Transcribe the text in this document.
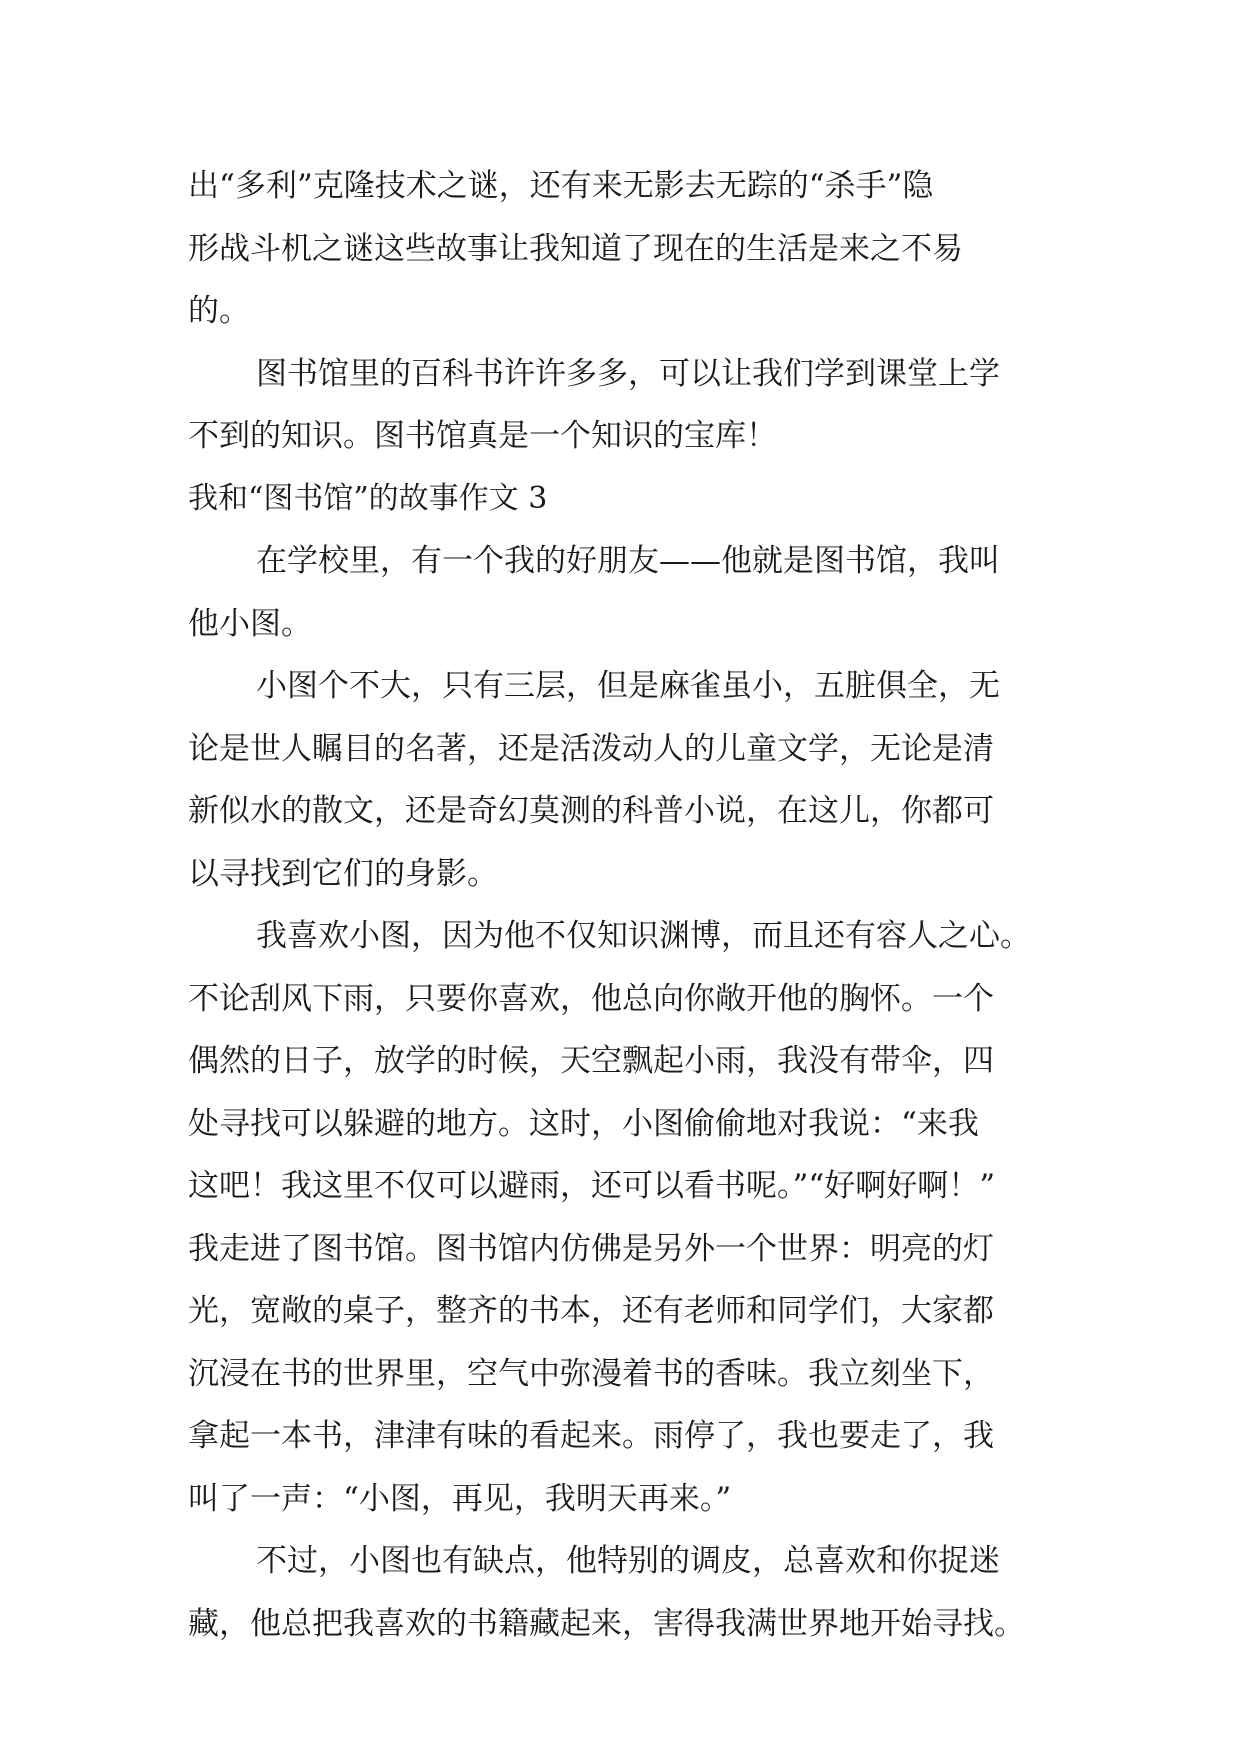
出“多利”克隆技术之谜，还有来无影去无踪的“杀手”隐
形战斗机之谜这些故事让我知道了现在的生活是来之不易
的。
图书馆里的百科书许许多多，可以让我们学到课堂上学
不到的知识。图书馆真是一个知识的宝库！
我和“图书馆”的故事作文 3
在学校里，有一个我的好朋友——他就是图书馆，我叫
他小图。
小图个不大，只有三层，但是麻雀虽小，五脏俱全，无
论是世人瞩目的名著，还是活泼动人的儿童文学，无论是清
新似水的散文，还是奇幻莫测的科普小说，在这儿，你都可
以寻找到它们的身影。
我喜欢小图，因为他不仅知识渊博，而且还有容人之心。
不论刮风下雨，只要你喜欢，他总向你敞开他的胸怀。一个
偶然的日子，放学的时候，天空飘起小雨，我没有带伞，四
处寻找可以躲避的地方。这时，小图偷偷地对我说：“来我
这吧！我这里不仅可以避雨，还可以看书呢。”“好啊好啊！”
我走进了图书馆。图书馆内仿佛是另外一个世界：明亮的灯
光，宽敞的桌子，整齐的书本，还有老师和同学们，大家都
沉浸在书的世界里，空气中弥漫着书的香味。我立刻坐下，
拿起一本书，津津有味的看起来。雨停了，我也要走了，我
叫了一声：“小图，再见，我明天再来。”
不过，小图也有缺点，他特别的调皮，总喜欢和你捉迷
藏，他总把我喜欢的书籍藏起来，害得我满世界地开始寻找。
